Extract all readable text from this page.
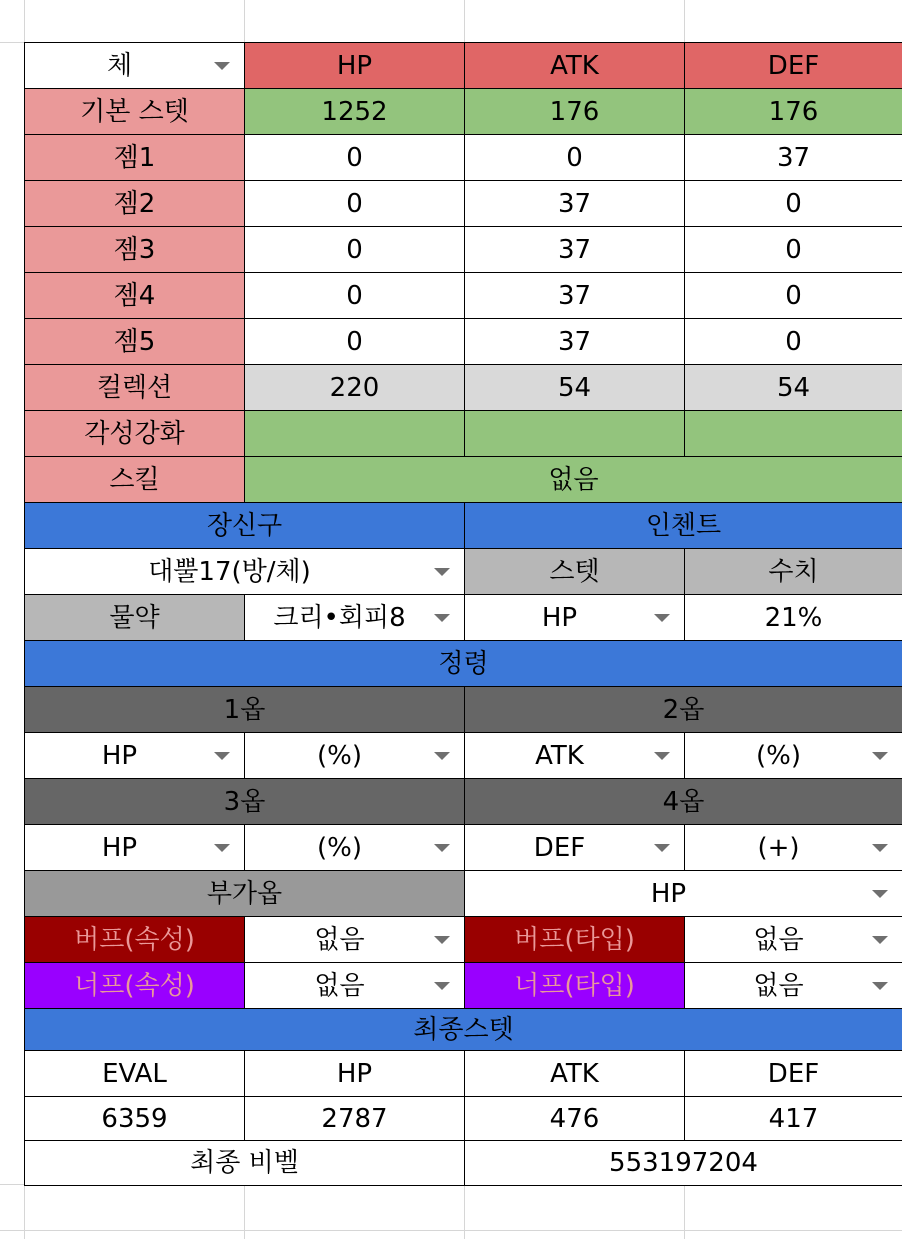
체	HP	ATK	DEF
기본 스텟	1252	176	176
젬1	0	0	37
젬2	0	37	0
젬3	0	37	0
젬4	0	37	0
젬5	0	37	0
컬렉션	220	54	54
각성강화
스킬	없음
장신구	인첸트
대뿔17(방/체)	스텟	수치
물약	크리•회피8	HP	21%
정령
1옵	2옵
HP	(%)	ATK	(%)
3옵	4옵
HP	(%)	DEF	(+)
부가옵	HP
버프(속성)	없음	버프(타입)	없음
너프(속성)	없음	너프(타입)	없음
최종스텟
EVAL	HP	ATK	DEF
6359	2787	476	417
최종 비벨	553197204
